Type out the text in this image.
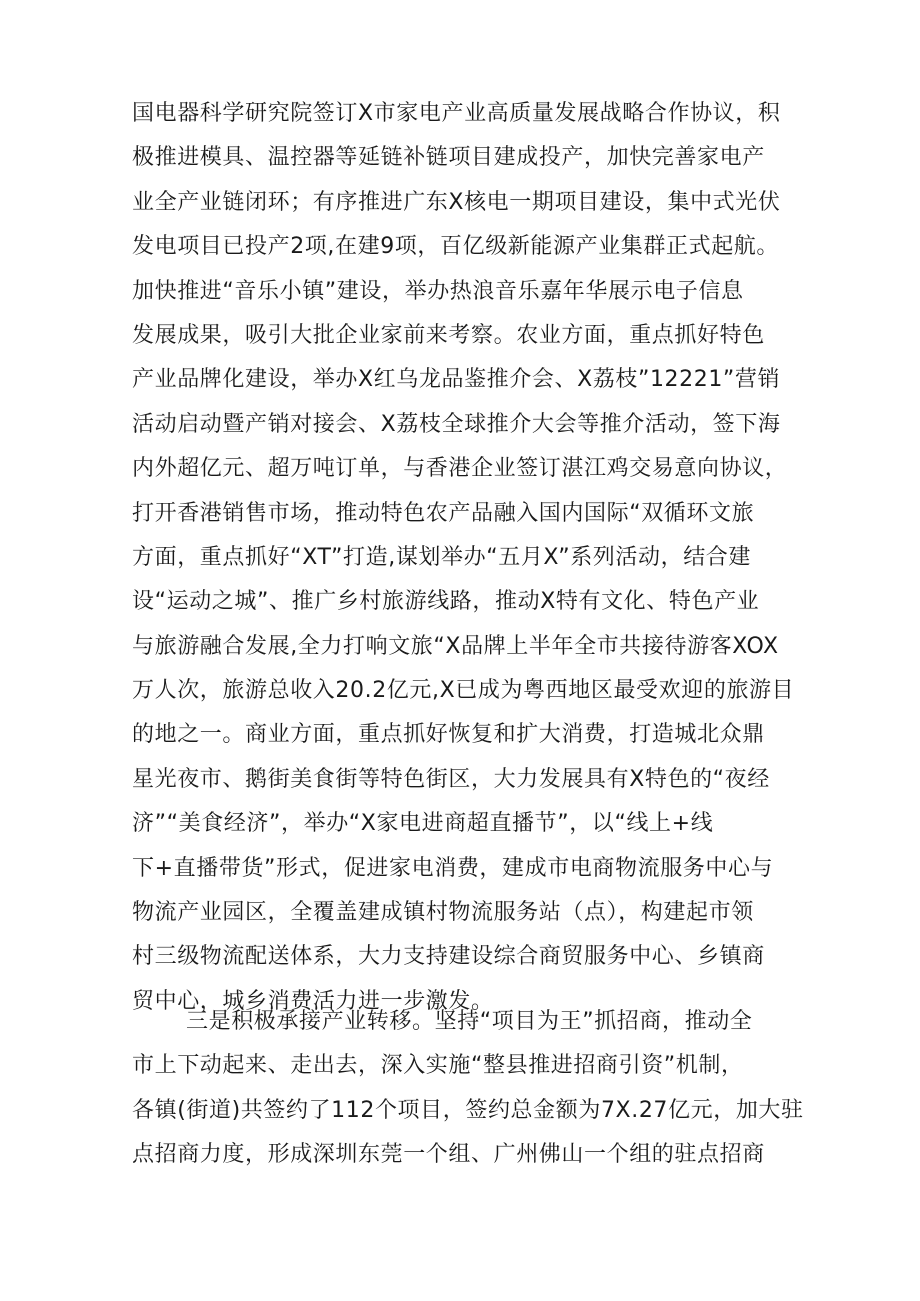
国电器科学研究院签订X市家电产业高质量发展战略合作协议，积
极推进模具、温控器等延链补链项目建成投产，加快完善家电产
业全产业链闭环；有序推进广东X核电一期项目建设，集中式光伏
发电项目已投产2项,在建9项，百亿级新能源产业集群正式起航。
加快推进“音乐小镇”建设，举办热浪音乐嘉年华展示电子信息
发展成果，吸引大批企业家前来考察。农业方面，重点抓好特色
产业品牌化建设，举办X红乌龙品鉴推介会、X荔枝”12221”营销
活动启动暨产销对接会、X荔枝全球推介大会等推介活动，签下海
内外超亿元、超万吨订单，与香港企业签订湛江鸡交易意向协议，
打开香港销售市场，推动特色农产品融入国内国际“双循环文旅
方面，重点抓好“XT”打造,谋划举办“五月X”系列活动，结合建
设“运动之城”、推广乡村旅游线路，推动X特有文化、特色产业
与旅游融合发展,全力打响文旅“X品牌上半年全市共接待游客XOX
万人次，旅游总收入20.2亿元,X已成为粤西地区最受欢迎的旅游目
的地之一。商业方面，重点抓好恢复和扩大消费，打造城北众鼎
星光夜市、鹅街美食街等特色街区，大力发展具有X特色的“夜经
济”“美食经济”，举办“X家电进商超直播节”，以“线上+线
下+直播带货”形式，促进家电消费，建成市电商物流服务中心与
物流产业园区，全覆盖建成镇村物流服务站（点），构建起市领
村三级物流配送体系，大力支持建设综合商贸服务中心、乡镇商
贸中心，城乡消费活力进一步激发。
三是积极承接产业转移。坚持“项目为王”抓招商，推动全
市上下动起来、走出去，深入实施“整县推进招商引资”机制，
各镇(街道)共签约了112个项目，签约总金额为7X.27亿元，加大驻
点招商力度，形成深圳东莞一个组、广州佛山一个组的驻点招商
